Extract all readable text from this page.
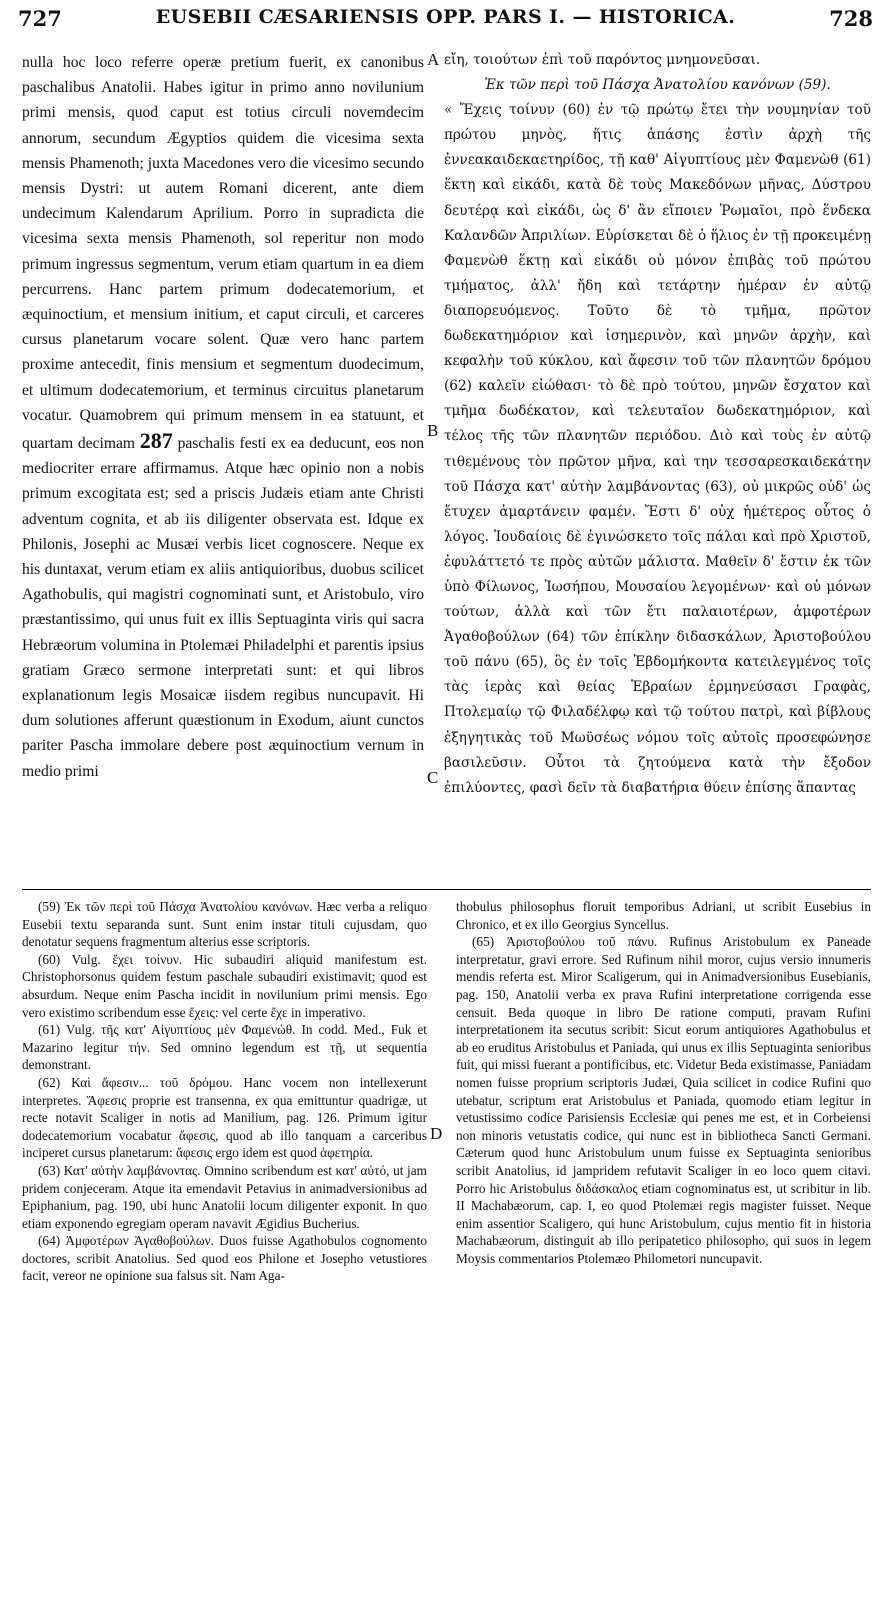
727	EUSEBII CÆSARIENSIS OPP. PARS I. — HISTORICA.	728
nulla hoc loco referre operæ pretium fuerit, ex canonibus paschalibus Anatolii. Habes igitur in primo anno novilunium primi mensis, quod caput est totius circuli novemdecim annorum, secundum Ægyptios quidem die vicesima sexta mensis Phamenoth; juxta Macedones vero die vicesimo secundo mensis Dystri: ut autem Romani dicerent, ante diem undecimum Kalendarum Aprilium. Porro in supradicta die vicesima sexta mensis Phamenoth, sol reperitur non modo primum ingressus segmentum, verum etiam quartum in ea diem percurrens. Hanc partem primum dodecatemorium, et æquinoctium, et mensium initium, et caput circuli, et carceres cursus planetarum vocare solent. Quæ vero hanc partem proxime antecedit, finis mensium et segmentum duodecimum, et ultimum dodecatemorium, et terminus circuitus planetarum vocatur. Quamobrem qui primum mensem in ea statuunt, et quartam decimam 287 paschalis festi ex ea deducunt, eos non mediocriter errare affirmamus. Atque hæc opinio non a nobis primum excogitata est; sed a priscis Judæis etiam ante Christi adventum cognita, et ab iis diligenter observata est. Idque ex Philonis, Josephi ac Musæi verbis licet cognoscere. Neque ex his duntaxat, verum etiam ex aliis antiquioribus, duobus scilicet Agathobulis, qui magistri cognominati sunt, et Aristobulo, viro præstantissimo, qui unus fuit ex illis Septuaginta viris qui sacra Hebræorum volumina in Ptolemæi Philadelphi et parentis ipsius gratiam Græco sermone interpretati sunt: et qui libros explanationum legis Mosaicæ iisdem regibus nuncupavit. Hi dum solutiones afferunt quæstionum in Exodum, aiunt cunctos pariter Pascha immolare debere post æquinoctium vernum in medio primi
A
B
C
D
εἴη, τοιούτων ἐπὶ τοῦ παρόντος μνημονεῦσαι.
Ἐκ τῶν περὶ τοῦ Πάσχα Ἀνατολίου κανόνων (59).
« Ἔχεις τοίνυν (60) ἐν τῷ πρώτῳ ἔτει τὴν νουμηνίαν τοῦ πρώτου μηνὸς, ἥτις ἁπάσης ἐστὶν ἀρχὴ τῆς ἐννεακαιδεκαετηρίδος, τῇ καθ' Αἰγυπτίους μὲν Φαμενὼθ (61) ἕκτη καὶ εἰκάδι, κατὰ δὲ τοὺς Μακεδόνων μῆνας, Δύστρου δευτέρᾳ καὶ εἰκάδι, ὡς δ' ἂν εἴποιεν Ῥωμαῖοι, πρὸ ἕνδεκα Καλανδῶν Ἀπριλίων. Εὑρίσκεται δὲ ὁ ἥλιος ἐν τῇ προκειμένῃ Φαμενὼθ ἕκτῃ καὶ εἰκάδι οὐ μόνον ἐπιβὰς τοῦ πρώτου τμήματος, ἀλλ' ἤδη καὶ τετάρτην ἡμέραν ἐν αὐτῷ διαπορευόμενος. Τοῦτο δὲ τὸ τμῆμα, πρῶτον δωδεκατημόριον καὶ ἰσημερινὸν, καὶ μηνῶν ἀρχὴν, καὶ κεφαλὴν τοῦ κύκλου, καὶ ἄφεσιν τοῦ τῶν πλανητῶν δρόμου (62) καλεῖν εἰώθασι· τὸ δὲ πρὸ τούτου, μηνῶν ἔσχατον καὶ τμῆμα δωδέκατον, καὶ τελευταῖον δωδεκατημόριον, καὶ τέλος τῆς τῶν πλανητῶν περιόδου. Διὸ καὶ τοὺς ἐν αὐτῷ τιθεμένους τὸν πρῶτον μῆνα, καὶ την τεσσαρεσκαιδεκάτην τοῦ Πάσχα κατ' αὐτὴν λαμβάνοντας (63), οὐ μικρῶς οὐδ' ὡς ἔτυχεν ἁμαρτάνειν φαμέν. Ἔστι δ' οὐχ ἡμέτερος οὗτος ὁ λόγος. Ἰουδαίοις δὲ ἐγινώσκετο τοῖς πάλαι καὶ πρὸ Χριστοῦ, ἐφυλάττετό τε πρὸς αὐτῶν μάλιστα. Μαθεῖν δ' ἔστιν ἐκ τῶν ὑπὸ Φίλωνος, Ἰωσήπου, Μουσαίου λεγομένων· καὶ οὐ μόνων τούτων, ἀλλὰ καὶ τῶν ἔτι παλαιοτέρων, ἀμφοτέρων Ἀγαθοβούλων (64) τῶν ἐπίκλην διδασκάλων, Ἀριστοβούλου τοῦ πάνυ (65), ὃς ἐν τοῖς Ἑβδομήκοντα κατειλεγμένος τοῖς τὰς ἱερὰς καὶ θείας Ἑβραίων ἑρμηνεύσασι Γραφὰς, Πτολεμαίῳ τῷ Φιλαδέλφῳ καὶ τῷ τούτου πατρὶ, καὶ βίβλους ἐξηγητικὰς τοῦ Μωϋσέως νόμου τοῖς αὐτοῖς προσεφώνησε βασιλεῦσιν. Οὗτοι τὰ ζητούμενα κατὰ τὴν ἔξοδον ἐπιλύοντες, φασὶ δεῖν τὰ διαβατήρια θύειν ἐπίσης ἅπαντας

(59) Ἐκ τῶν περὶ τοῦ Πάσχα Ἀνατολίου κανόνων. Hæc verba a reliquo Eusebii textu separanda sunt. Sunt enim instar tituli cujusdam, quo denotatur sequens fragmentum alterius esse scriptoris.

(60) Vulg. ἔχει τοίνυν. Hic subaudiri aliquid manifestum est. Christophorsonus quidem festum paschale subaudiri existimavit; quod est absurdum. Neque enim Pascha incidit in novilunium primi mensis. Ego vero existimo scribendum esse ἔχεις: vel certe ἔχε in imperativo.

(61) Vulg. τῆς κατ' Αἰγυπτίους μὲν Φαμενώθ. In codd. Med., Fuk et Mazarino legitur τήν. Sed omnino legendum est τῇ, ut sequentia demonstrant.

(62) Καὶ ἄφεσιν... τοῦ δρόμου. Hanc vocem non intellexerunt interpretes. Ἄφεσις proprie est transenna, ex qua emittuntur quadrigæ, ut recte notavit Scaliger in notis ad Manilium, pag. 126. Primum igitur dodecatemorium vocabatur ἄφεσις, quod ab illo tanquam a carceribus inciperet cursus planetarum: ἄφεσις ergo idem est quod ἀφετηρία.

(63) Κατ' αὐτὴν λαμβάνοντας. Omnino scribendum est κατ' αὐτό, ut jam pridem conjeceram. Atque ita emendavit Petavius in animadversionibus ad Epiphanium, pag. 190, ubi hunc Anatolii locum diligenter exponit. In quo etiam exponendo egregiam operam navavit Ægidius Bucherius.

(64) Ἀμφοτέρων Ἀγαθοβούλων. Duos fuisse Agathobulos cognomento doctores, scribit Anatolius. Sed quod eos Philone et Josepho vetustiores facit, vereor ne opinione sua falsus sit. Nam Aga-

thobulus philosophus floruit temporibus Adriani, ut scribit Eusebius in Chronico, et ex illo Georgius Syncellus.

(65) Ἀριστοβούλου τοῦ πάνυ. Rufinus Aristobulum ex Paneade interpretatur, gravi errore. Sed Rufinum nihil moror, cujus versio innumeris mendis referta est. Miror Scaligerum, qui in Animadversionibus Eusebianis, pag. 150, Anatolii verba ex prava Rufini interpretatione corrigenda esse censuit. Beda quoque in libro De ratione computi, pravam Rufini interpretationem ita secutus scribit: Sicut eorum antiquiores Agathobulus et ab eo eruditus Aristobulus et Paniada, qui unus ex illis Septuaginta senioribus fuit, qui missi fuerant a pontificibus, etc. Videtur Beda existimasse, Paniadam nomen fuisse proprium scriptoris Judæi, Quia scilicet in codice Rufini quo utebatur, scriptum erat Aristobulus et Paniada, quomodo etiam legitur in vetustissimo codice Parisiensis Ecclesiæ qui penes me est, et in Corbeiensi non minoris vetustatis codice, qui nunc est in bibliotheca Sancti Germani. Cæterum quod hunc Aristobulum unum fuisse ex Septuaginta senioribus scribit Anatolius, id jampridem refutavit Scaliger in eo loco quem citavi. Porro hic Aristobulus διδάσκαλος etiam cognominatus est, ut scribitur in lib. II Machabæorum, cap. I, eo quod Ptolemæi regis magister fuisset. Neque enim assentior Scaligero, qui hunc Aristobulum, cujus mentio fit in historia Machabæorum, distinguit ab illo peripatetico philosopho, qui suos in legem Moysis commentarios Ptolemæo Philometori nuncupavit.
